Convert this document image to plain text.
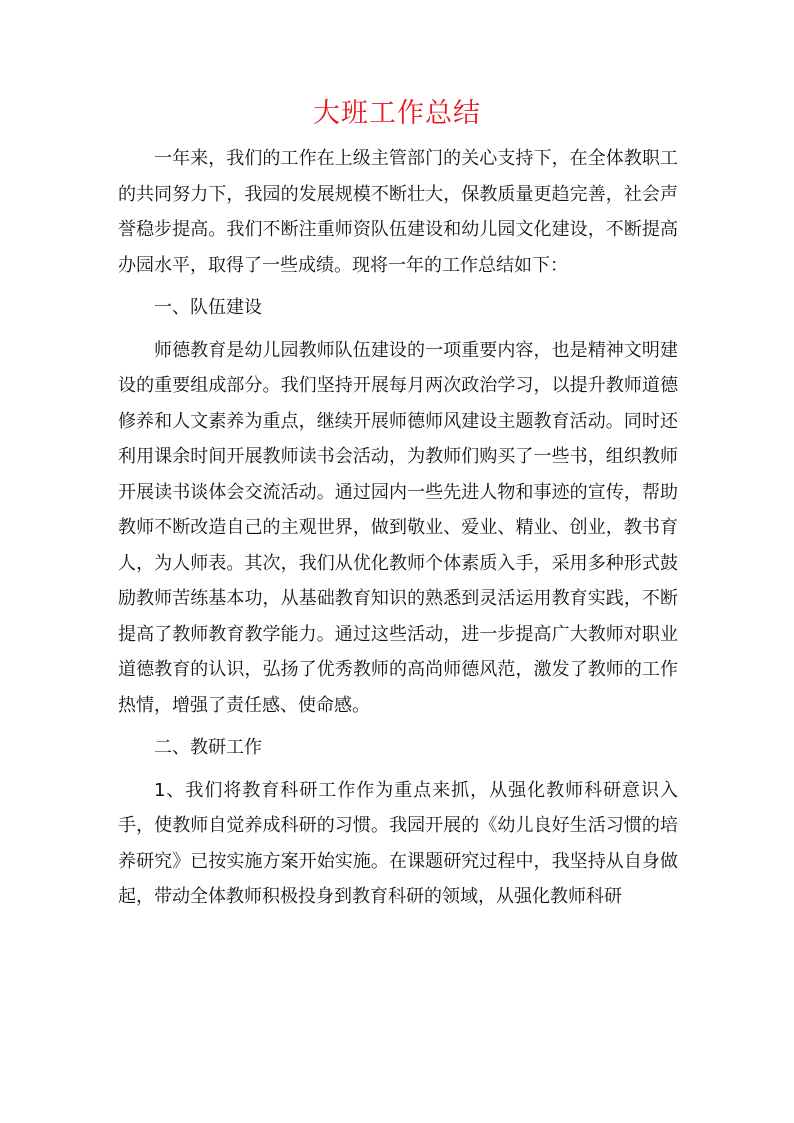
大班工作总结

一年来，我们的工作在上级主管部门的关心支持下，在全体教职工的共同努力下，我园的发展规模不断壮大，保教质量更趋完善，社会声誉稳步提高。我们不断注重师资队伍建设和幼儿园文化建设，不断提高办园水平，取得了一些成绩。现将一年的工作总结如下：

一、队伍建设

师德教育是幼儿园教师队伍建设的一项重要内容，也是精神文明建设的重要组成部分。我们坚持开展每月两次政治学习，以提升教师道德修养和人文素养为重点，继续开展师德师风建设主题教育活动。同时还利用课余时间开展教师读书会活动，为教师们购买了一些书，组织教师开展读书谈体会交流活动。通过园内一些先进人物和事迹的宣传，帮助教师不断改造自己的主观世界，做到敬业、爱业、精业、创业，教书育人，为人师表。其次，我们从优化教师个体素质入手，采用多种形式鼓励教师苦练基本功，从基础教育知识的熟悉到灵活运用教育实践，不断提高了教师教育教学能力。通过这些活动，进一步提高广大教师对职业道德教育的认识，弘扬了优秀教师的高尚师德风范，激发了教师的工作热情，增强了责任感、使命感。

二、教研工作

1、我们将教育科研工作作为重点来抓，从强化教师科研意识入手，使教师自觉养成科研的习惯。我园开展的《幼儿良好生活习惯的培养研究》已按实施方案开始实施。在课题研究过程中，我坚持从自身做起，带动全体教师积极投身到教育科研的领域，从强化教师科研
